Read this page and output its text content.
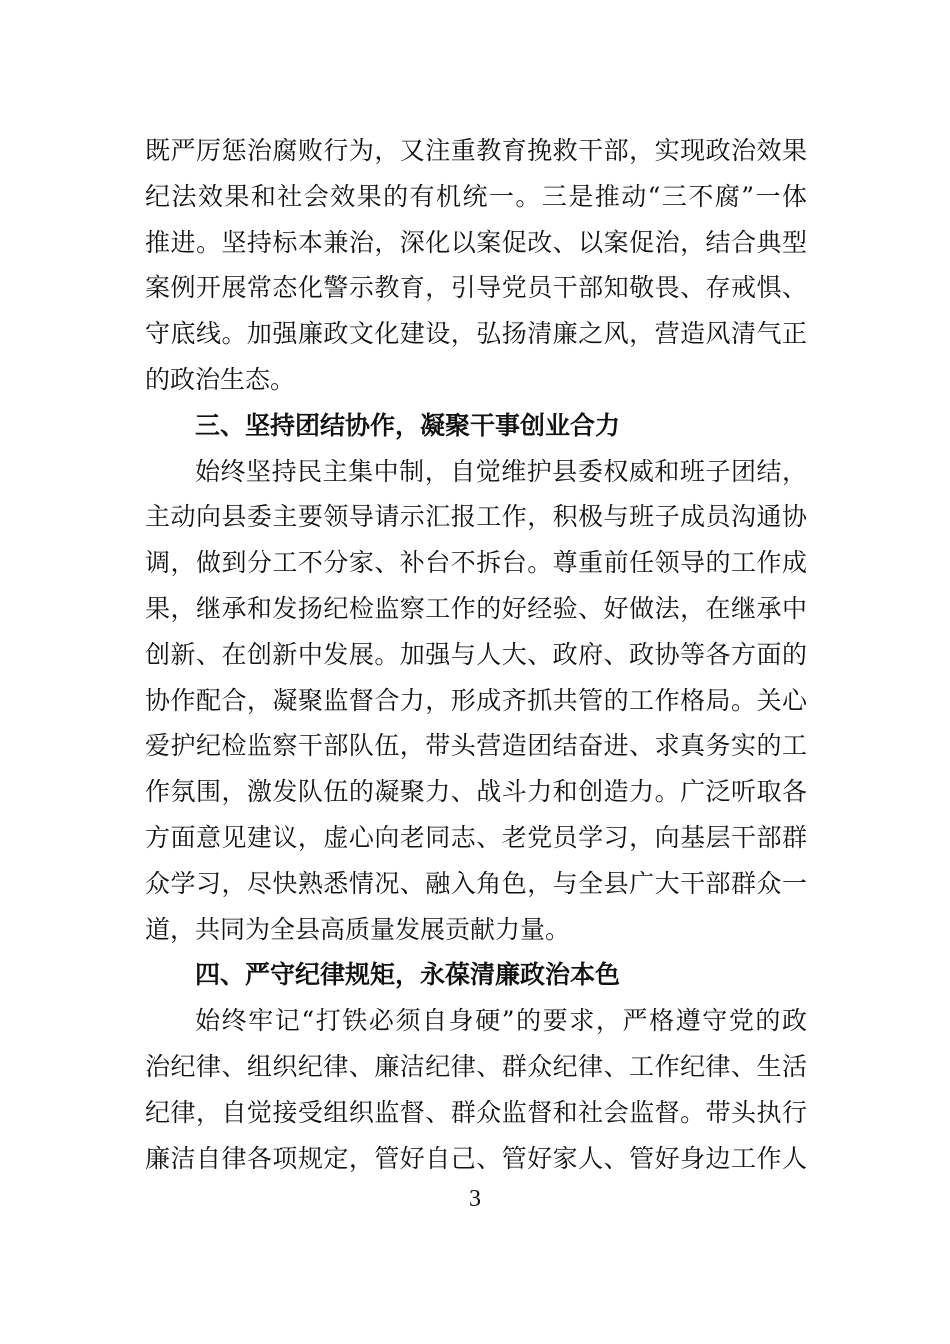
既严厉惩治腐败行为，又注重教育挽救干部，实现政治效果
纪法效果和社会效果的有机统一。三是推动“三不腐”一体
推进。坚持标本兼治，深化以案促改、以案促治，结合典型
案例开展常态化警示教育，引导党员干部知敬畏、存戒惧、
守底线。加强廉政文化建设，弘扬清廉之风，营造风清气正
的政治生态。
三、坚持团结协作，凝聚干事创业合力
始终坚持民主集中制，自觉维护县委权威和班子团结，
主动向县委主要领导请示汇报工作，积极与班子成员沟通协
调，做到分工不分家、补台不拆台。尊重前任领导的工作成
果，继承和发扬纪检监察工作的好经验、好做法，在继承中
创新、在创新中发展。加强与人大、政府、政协等各方面的
协作配合，凝聚监督合力，形成齐抓共管的工作格局。关心
爱护纪检监察干部队伍，带头营造团结奋进、求真务实的工
作氛围，激发队伍的凝聚力、战斗力和创造力。广泛听取各
方面意见建议，虚心向老同志、老党员学习，向基层干部群
众学习，尽快熟悉情况、融入角色，与全县广大干部群众一
道，共同为全县高质量发展贡献力量。
四、严守纪律规矩，永葆清廉政治本色
始终牢记“打铁必须自身硬”的要求，严格遵守党的政
治纪律、组织纪律、廉洁纪律、群众纪律、工作纪律、生活
纪律，自觉接受组织监督、群众监督和社会监督。带头执行
廉洁自律各项规定，管好自己、管好家人、管好身边工作人
3
